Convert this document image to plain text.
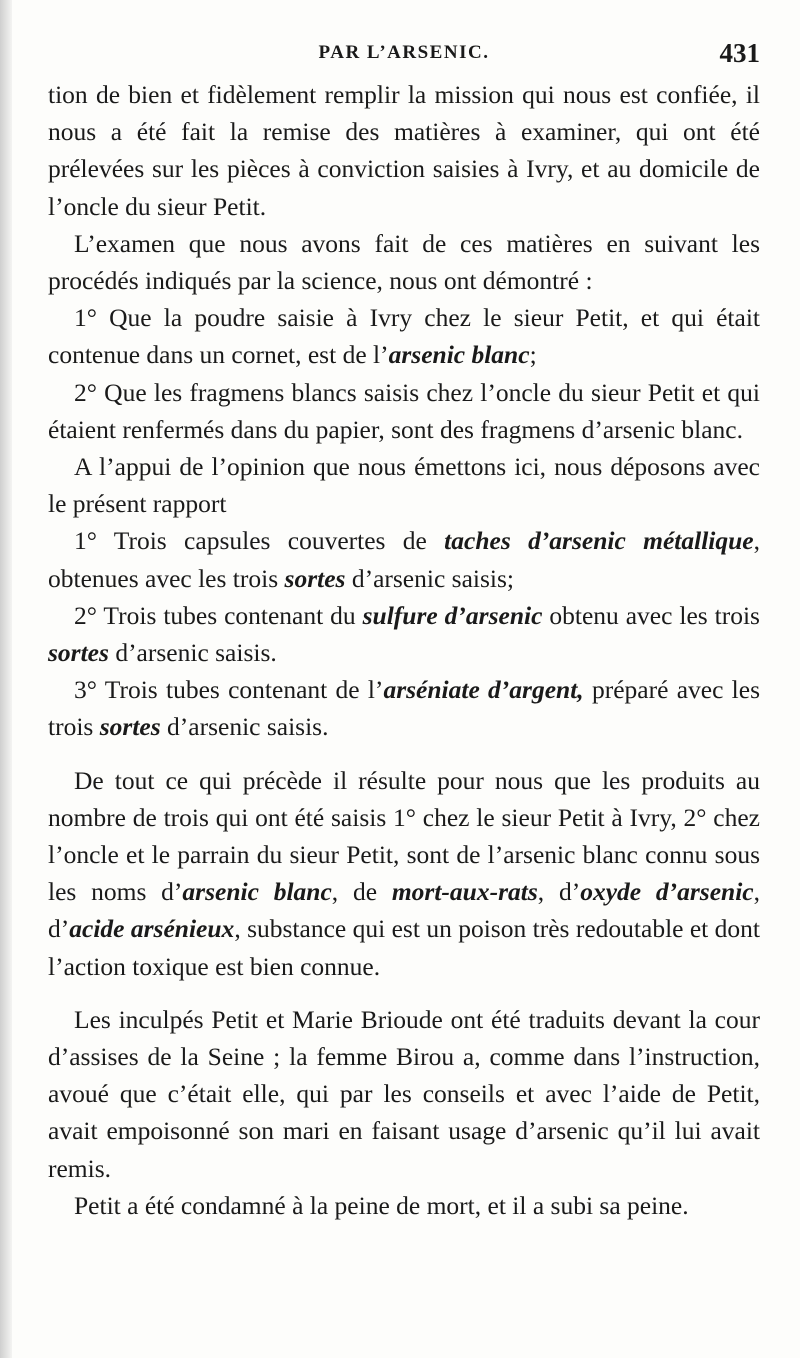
PAR L’ARSENIC.	431

tion de bien et fidèlement remplir la mission qui nous est confiée, il nous a été fait la remise des matières à examiner, qui ont été prélevées sur les pièces à conviction saisies à Ivry, et au domicile de l’oncle du sieur Petit.

L’examen que nous avons fait de ces matières en suivant les procédés indiqués par la science, nous ont démontré :

1° Que la poudre saisie à Ivry chez le sieur Petit, et qui était contenue dans un cornet, est de l’arsenic blanc;

2° Que les fragmens blancs saisis chez l’oncle du sieur Petit et qui étaient renfermés dans du papier, sont des fragmens d’arsenic blanc.

A l’appui de l’opinion que nous émettons ici, nous déposons avec le présent rapport

1° Trois capsules couvertes de taches d’arsenic métallique, obtenues avec les trois sortes d’arsenic saisis;

2° Trois tubes contenant du sulfure d’arsenic obtenu avec les trois sortes d’arsenic saisis.

3° Trois tubes contenant de l’arséniate d’argent, préparé avec les trois sortes d’arsenic saisis.

De tout ce qui précède il résulte pour nous que les produits au nombre de trois qui ont été saisis 1° chez le sieur Petit à Ivry, 2° chez l’oncle et le parrain du sieur Petit, sont de l’arsenic blanc connu sous les noms d’arsenic blanc, de mort-aux-rats, d’oxyde d’arsenic, d’acide arsénieux, substance qui est un poison très redoutable et dont l’action toxique est bien connue.

Les inculpés Petit et Marie Brioude ont été traduits devant la cour d’assises de la Seine ; la femme Birou a, comme dans l’instruction, avoué que c’était elle, qui par les conseils et avec l’aide de Petit, avait empoisonné son mari en faisant usage d’arsenic qu’il lui avait remis.

Petit a été condamné à la peine de mort, et il a subi sa peine.
